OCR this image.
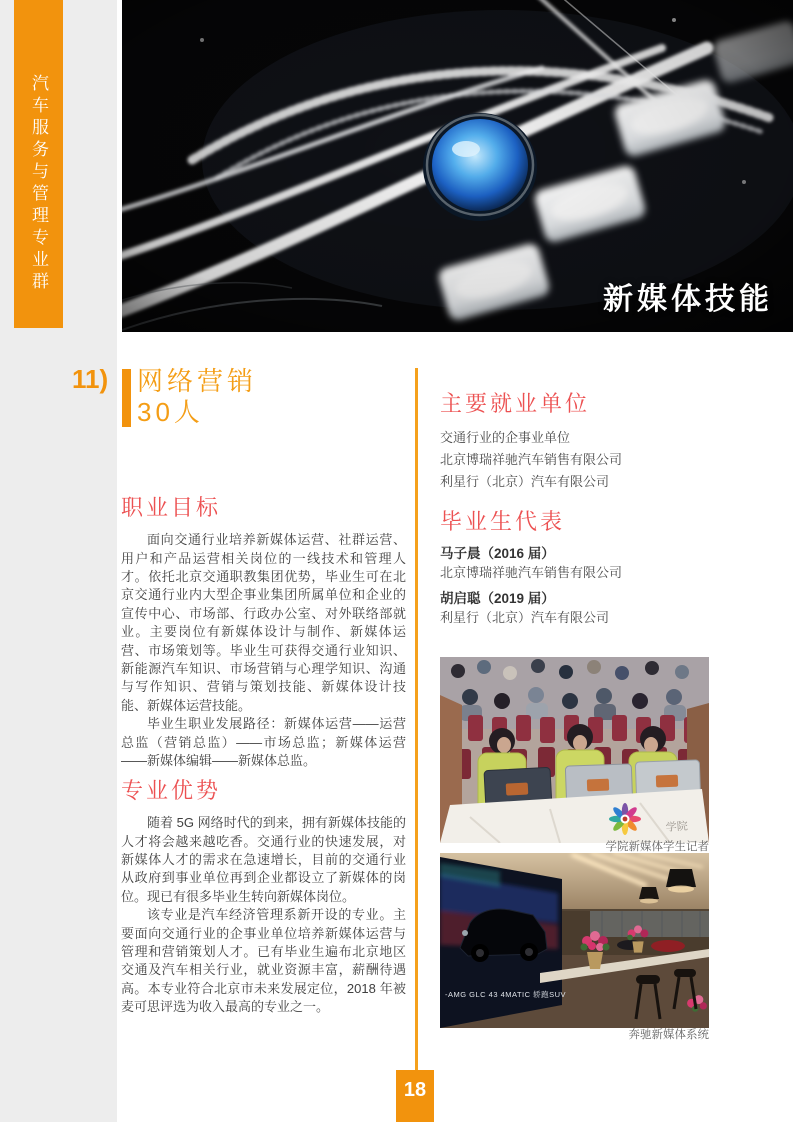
汽车服务与管理专业群
新媒体技能
11) 网络营销
30人
职业目标

面向交通行业培养新媒体运营、社群运营、用户和产品运营相关岗位的一线技术和管理人才。依托北京交通职教集团优势，毕业生可在北京交通行业内大型企事业集团所属单位和企业的宣传中心、市场部、行政办公室、对外联络部就业。主要岗位有新媒体设计与制作、新媒体运营、市场策划等。毕业生可获得交通行业知识、新能源汽车知识、市场营销与心理学知识、沟通与写作知识、营销与策划技能、新媒体设计技能、新媒体运营技能。

毕业生职业发展路径：新媒体运营——运营总监（营销总监）——市场总监；新媒体运营——新媒体编辑——新媒体总监。

专业优势

随着 5G 网络时代的到来，拥有新媒体技能的人才将会越来越吃香。交通行业的快速发展，对新媒体人才的需求在急速增长，目前的交通行业从政府到事业单位再到企业都设立了新媒体的岗位。现已有很多毕业生转向新媒体岗位。

该专业是汽车经济管理系新开设的专业。主要面向交通行业的企事业单位培养新媒体运营与管理和营销策划人才。已有毕业生遍布北京地区交通及汽车相关行业，就业资源丰富，薪酬待遇高。本专业符合北京市未来发展定位，2018 年被麦可思评选为收入最高的专业之一。

主要就业单位
交通行业的企事业单位
北京博瑞祥驰汽车销售有限公司
利星行（北京）汽车有限公司
毕业生代表
马子晨（2016 届）
北京博瑞祥驰汽车销售有限公司
胡启聪（2019 届）
利星行（北京）汽车有限公司
学院
学院新媒体学生记者
-AMG GLC 43 4MATIC 轿跑SUV
奔驰新媒体系统
18
